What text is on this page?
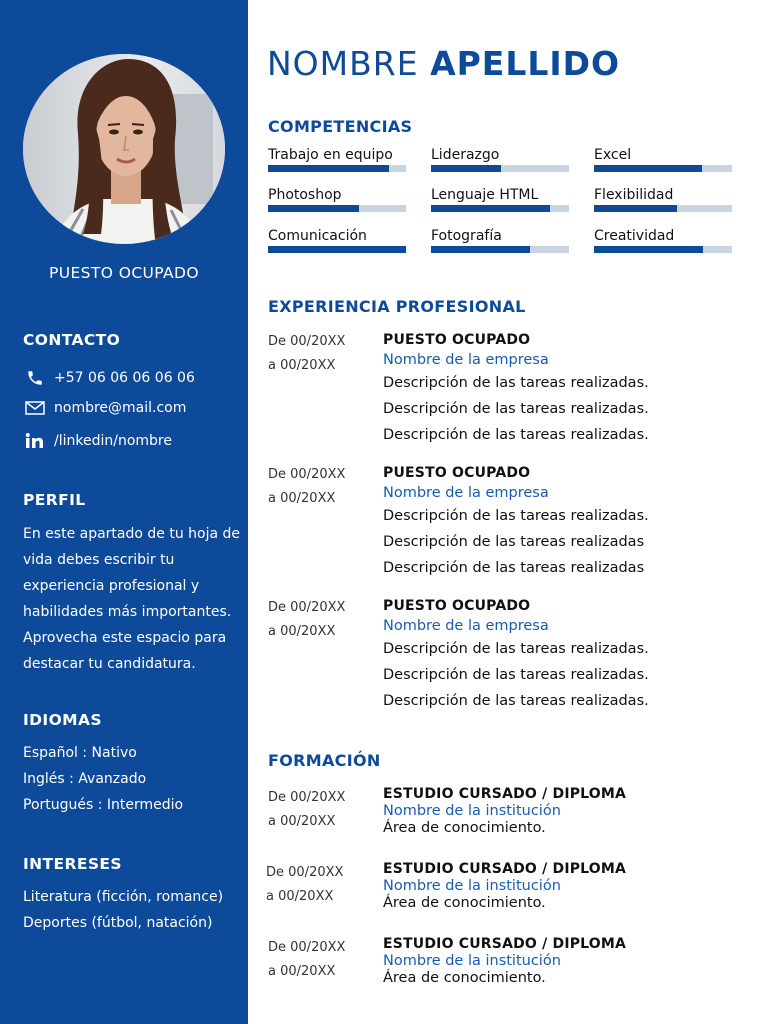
PUESTO OCUPADO
CONTACTO
+57 06 06 06 06 06
nombre@mail.com
/linkedin/nombre
PERFIL
En este apartado de tu hoja de vida debes escribir tu experiencia profesional y habilidades más importantes. Aprovecha este espacio para destacar tu candidatura.
IDIOMAS
Español : Nativo
Inglés : Avanzado
Portugués : Intermedio
INTERESES
Literatura (ficción, romance)
Deportes (fútbol, natación)
NOMBRE APELLIDO
COMPETENCIAS
Trabajo en equipo	Liderazgo	Excel
Photoshop	Lenguaje HTML	Flexibilidad
Comunicación	Fotografía	Creatividad
EXPERIENCIA PROFESIONAL
De 00/20XX
a 00/20XX
PUESTO OCUPADO
Nombre de la empresa
Descripción de las tareas realizadas.
Descripción de las tareas realizadas.
Descripción de las tareas realizadas.
De 00/20XX
a 00/20XX
PUESTO OCUPADO
Nombre de la empresa
Descripción de las tareas realizadas.
Descripción de las tareas realizadas
Descripción de las tareas realizadas
De 00/20XX
a 00/20XX
PUESTO OCUPADO
Nombre de la empresa
Descripción de las tareas realizadas.
Descripción de las tareas realizadas.
Descripción de las tareas realizadas.
FORMACIÓN
De 00/20XX
a 00/20XX
ESTUDIO CURSADO / DIPLOMA
Nombre de la institución
Área de conocimiento.
De 00/20XX
a 00/20XX
ESTUDIO CURSADO / DIPLOMA
Nombre de la institución
Área de conocimiento.
De 00/20XX
a 00/20XX
ESTUDIO CURSADO / DIPLOMA
Nombre de la institución
Área de conocimiento.
